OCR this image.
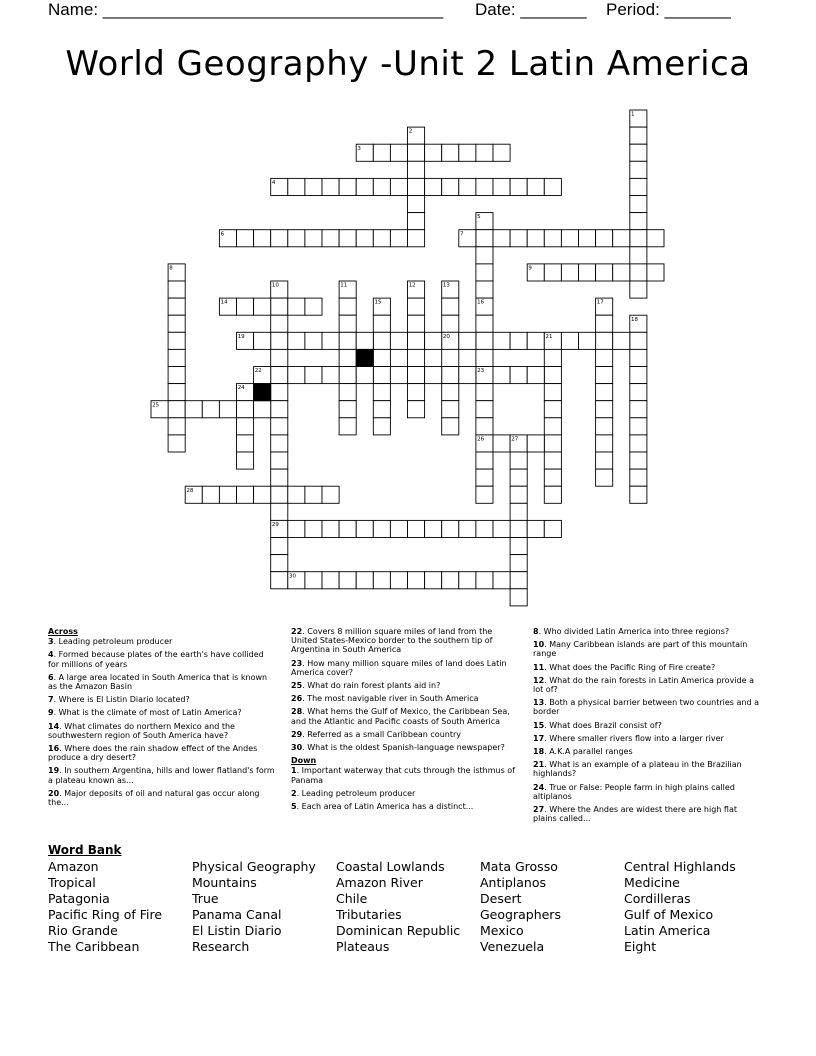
Name: ____________________________________ Date: _______ Period: _______
World Geography -Unit 2 Latin America
1
2
3
4
5
6	7
8	9
10	11	12	13
14	15	16	17
18
19	20	21
22	23
24
25
26	27
28
29
30
Across
3. Leading petroleum producer
4. Formed because plates of the earth's have collided for millions of years
6. A large area located in South America that is known as the Amazon Basin
7. Where is El Listin Diario located?
9. What is the climate of most of Latin America?
14. What climates do northern Mexico and the southwestern region of South America have?
16. Where does the rain shadow effect of the Andes produce a dry desert?
19. In southern Argentina, hills and lower flatland's form a plateau known as...
20. Major deposits of oil and natural gas occur along the...
22. Covers 8 million square miles of land from the United States-Mexico border to the southern tip of Argentina in South America
23. How many million square miles of land does Latin America cover?
25. What do rain forest plants aid in?
26. The most navigable river in South America
28. What hems the Gulf of Mexico, the Caribbean Sea, and the Atlantic and Pacific coasts of South America
29. Referred as a small Caribbean country
30. What is the oldest Spanish-language newspaper?
Down
1. Important waterway that cuts through the isthmus of Panama
2. Leading petroleum producer
5. Each area of Latin America has a distinct...
8. Who divided Latin America into three regions?
10. Many Caribbean islands are part of this mountain range
11. What does the Pacific Ring of Fire create?
12. What do the rain forests in Latin America provide a lot of?
13. Both a physical barrier between two countries and a border
15. What does Brazil consist of?
17. Where smaller rivers flow into a larger river
18. A.K.A parallel ranges
21. What is an example of a plateau in the Brazilian highlands?
24. True or False: People farm in high plains called altiplanos
27. Where the Andes are widest there are high flat plains called...
Word Bank
Amazon
Tropical
Patagonia
Pacific Ring of Fire
Rio Grande
The Caribbean
Physical Geography
Mountains
True
Panama Canal
El Listin Diario
Research
Coastal Lowlands
Amazon River
Chile
Tributaries
Dominican Republic
Plateaus
Mata Grosso
Antiplanos
Desert
Geographers
Mexico
Venezuela
Central Highlands
Medicine
Cordilleras
Gulf of Mexico
Latin America
Eight
